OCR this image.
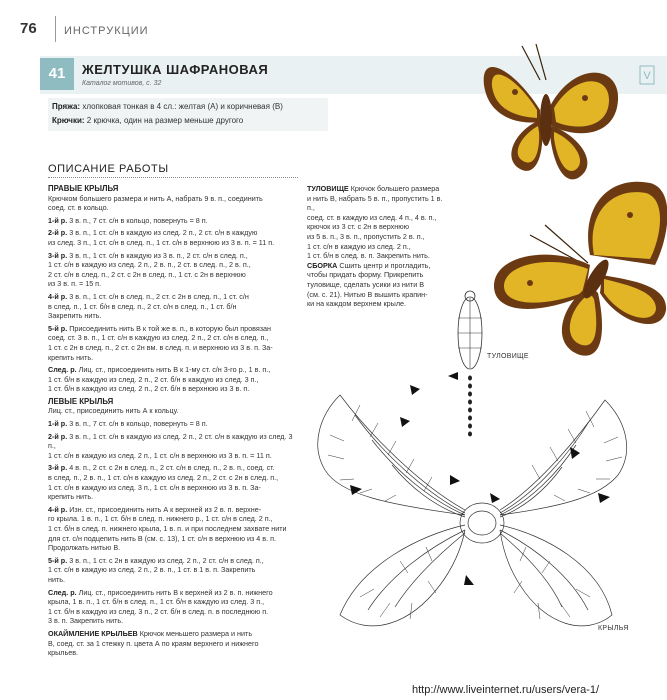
76 ИНСТРУКЦИИ
41	ЖЕЛТУШКА ШАФРАНОВАЯ
Каталог мотивов, с. 32
V
Пряжа: хлопковая тонкая в 4 сл.: желтая (А) и коричневая (В)
Крючки: 2 крючка, один на размер меньше другого
ОПИСАНИЕ РАБОТЫ

ПРАВЫЕ КРЫЛЬЯ

Крючком большего размера и нить А, набрать 9 в. п., соединить

соед. ст. в кольцо.

1-й р. 3 в. п., 7 ст. с/н в кольцо, повернуть = 8 п.

2-й р. 3 в. п., 1 ст. с/н в каждую из след. 2 п., 2 ст. с/н в каждую

из след. 3 п., 1 ст. с/н в след. п., 1 ст. с/н в верхнюю из 3 в. п. = 11 п.

3-й р. 3 в. п., 1 ст. с/н в каждую из 3 в. п., 2 ст. с/н в след. п.,

1 ст. с/н в каждую из след. 2 п., 2 в. п., 2 ст. в след. п., 2 в. п.,

2 ст. с/н в след. п., 2 ст. с 2н в след. п., 1 ст. с 2н в верхнюю

из 3 в. п. = 15 п.

4-й р. 3 в. п., 1 ст. с/н в след. п., 2 ст. с 2н в след. п., 1 ст. с/н

в след. п., 1 ст. б/н в след. п., 2 ст. с/н в след. п., 1 ст. б/н

Закрепить нить.

5-й р. Присоединить нить В к той же в. п., в которую был провязан

соед. ст. 3 в. п., 1 ст. с/н в каждую из след. 2 п., 2 ст. с/н в след. п.,

1 ст. с 2н в след. п., 2 ст. с 2н вм. в след. п. и верхнюю из 3 в. п. За-

крепить нить.

След. р. Лиц. ст., присоединить нить В к 1-му ст. с/н 3-го р., 1 в. п.,

1 ст. б/н в каждую из след. 2 п., 2 ст. б/н в каждую из след. 3 п.,

1 ст. б/н в каждую из след. 2 п., 2 ст. б/н в верхнюю из 3 в. п.

ЛЕВЫЕ КРЫЛЬЯ

Лиц. ст., присоединить нить А к кольцу.

1-й р. 3 в. п., 7 ст. с/н в кольцо, повернуть = 8 п.

2-й р. 3 в. п., 1 ст. с/н в каждую из след. 2 п., 2 ст. с/н в каждую из след. 3 п.,

1 ст. с/н в каждую из след. 2 п., 1 ст. с/н в верхнюю из 3 в. п. = 11 п.

3-й р. 4 в. п., 2 ст. с 2н в след. п., 2 ст. с/н в след. п., 2 в. п., соед. ст.

в след. п., 2 в. п., 1 ст. с/н в каждую из след. 2 п., 2 ст. с 2н в след. п.,

1 ст. с/н в каждую из след. 3 п., 1 ст. с/н в верхнюю из 3 в. п. За-

крепить нить.

4-й р. Изн. ст., присоединить нить А к верхней из 2 в. п. верхне-

го крыла. 1 в. п., 1 ст. б/н в след. п. нижнего р., 1 ст. с/н в след. 2 п.,

1 ст. б/н в след. п. нижнего крыла, 1 в. п. и при последнем захвате нити

для ст. с/н подцепить нить В (см. с. 13), 1 ст. с/н в верхнюю из 4 в. п.

Продолжать нитью В.

5-й р. 3 в. п., 1 ст. с 2н в каждую из след. 2 п., 2 ст. с/н в след. п.,

1 ст. с/н в каждую из след. 2 п., 2 в. п., 1 ст. в 1 в. п. Закрепить

нить.

След. р. Лиц. ст., присоединить нить В к верхней из 2 в. п. нижнего

крыла, 1 в. п., 1 ст. б/н в след. п., 1 ст. б/н в каждую из след. 3 п.,

1 ст. б/н в каждую из след. 3 п., 2 ст. б/н в след. п. в последнюю п.

3 в. п. Закрепить нить.

ОКАЙМЛЕНИЕ КРЫЛЬЕВ Крючок меньшего размера и нить

В, соед. ст. за 1 стежку п. цвета А по краям верхнего и нижнего

крыльев.

ТУЛОВИЩЕ Крючок большего размера

и нить В, набрать 5 в. п., пропустить 1 в. п.,

соед. ст. в каждую из след. 4 п., 4 в. п.,

крючок из 3 ст. с 2н в верхнюю

из 5 в. п., 3 в. п., пропустить 2 в. п.,

1 ст. с/н в каждую из след. 2 п.,

1 ст. б/н в след. в. п. Закрепить нить.

СБОРКА Сшить центр и прогладить,

чтобы придать форму. Прикрепить

туловище, сделать усики из нити В

(см. с. 21). Нитью В вышить крапин-

ки на каждом верхнем крыле.

ТУЛОВИЩЕ
КРЫЛЬЯ
http://www.liveinternet.ru/users/vera-1/
